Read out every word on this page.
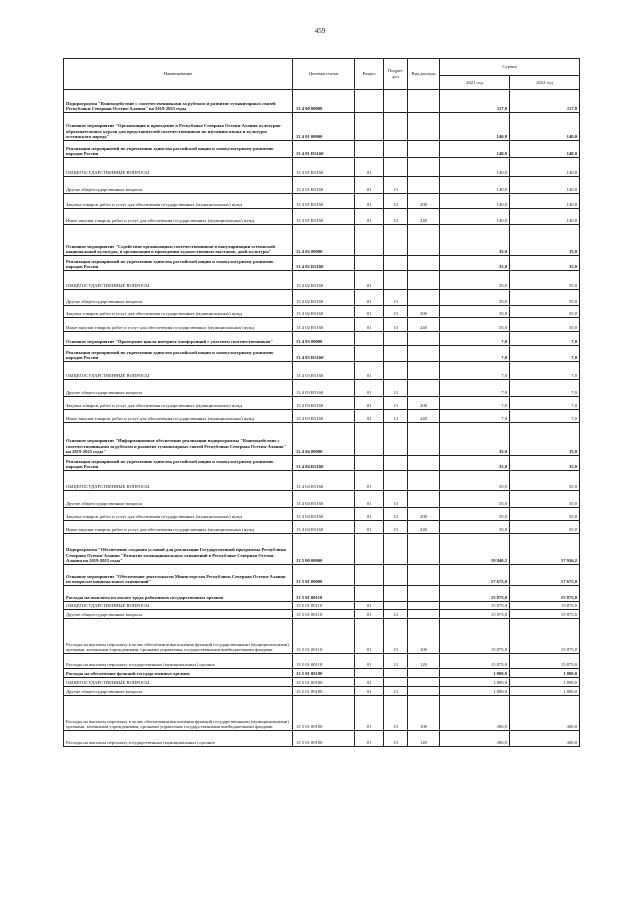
459
Наименование	Целевая статья	Раздел	Подраз-дел	Вид расхода	Суммы	
					2021 год	2022 год
Подпрограмма "Взаимодействие с соотечественниками за рубежом и развитие гуманитарных связей Республики Северная Осетия-Алания" на 2019-2025 годы	13 4 00 00000				117,0	117,0
Основное мероприятие "Организация и проведение в Республике Северная Осетия-Алания культурно-образовательных курсов для представителей соотечественников по изучению языка и культуры осетинского народа"	13 4 01 00000				140,0	140,0
Реализация мероприятий по укреплению единства российской нации и этнокультурному развитию народов России	13 4 01 R5160				140,0	140,0
ОБЩЕГОСУДАРСТВЕННЫЕ ВОПРОСЫ	13 4 01 R5160	01			140,0	140,0
Другие общегосударственные вопросы	13 4 01 R5160	01	13		140,0	140,0
Закупка товаров, работ и услуг для обеспечения государственных (муниципальных) нужд	13 4 01 R5160	01	13	200	140,0	140,0
Иные закупки товаров, работ и услуг для обеспечения государственных (муниципальных) нужд	13 4 01 R5160	01	13	240	140,0	140,0
Основное мероприятие "Содействие организациям соотечественников в популяризации осетинской национальной культуры, в организации и проведении художественных выставок, дней культуры"	13 4 02 00000				35,0	35,0
Реализация мероприятий по укреплению единства российской нации и этнокультурному развитию народов России	13 4 02 R5160				35,0	35,0
ОБЩЕГОСУДАРСТВЕННЫЕ ВОПРОСЫ	13 4 02 R5160	01			35,0	35,0
Другие общегосударственные вопросы	13 4 02 R5160	01	13		35,0	35,0
Закупка товаров, работ и услуг для обеспечения государственных (муниципальных) нужд	13 4 02 R5160	01	13	200	35,0	35,0
Иные закупки товаров, работ и услуг для обеспечения государственных (муниципальных) нужд	13 4 02 R5160	01	13	240	35,0	35,0
Основное мероприятие "Проведение цикла интернет-конференций с участием соотечественников"	13 4 03 00000				7,0	7,0
Реализация мероприятий по укреплению единства российской нации и этнокультурному развитию народов России	13 4 03 R5160				7,0	7,0
ОБЩЕГОСУДАРСТВЕННЫЕ ВОПРОСЫ	13 4 03 R5160	01			7,0	7,0
Другие общегосударственные вопросы	13 4 03 R5160	01	13		7,0	7,0
Закупка товаров, работ и услуг для обеспечения государственных (муниципальных) нужд	13 4 03 R5160	01	13	200	7,0	7,0
Иные закупки товаров, работ и услуг для обеспечения государственных (муниципальных) нужд	13 4 03 R5160	01	13	240	7,0	7,0
Основное мероприятие "Информационное обеспечение реализации подпрограммы "Взаимодействие с соотечественниками за рубежом и развитие гуманитарных связей Республики Северная Осетия-Алания" на 2019-2025 годы"	13 4 04 00000				35,0	35,0
Реализация мероприятий по укреплению единства российской нации и этнокультурному развитию народов России	13 4 04 R5160				35,0	35,0
ОБЩЕГОСУДАРСТВЕННЫЕ ВОПРОСЫ	13 4 04 R5160	01			35,0	35,0
Другие общегосударственные вопросы	13 4 04 R5160	01	13		35,0	35,0
Закупка товаров, работ и услуг для обеспечения государственных (муниципальных) нужд	13 4 04 R5160	01	13	200	35,0	35,0
Иные закупки товаров, работ и услуг для обеспечения государственных (муниципальных) нужд	13 4 04 R5160	01	13	240	35,0	35,0
Подпрограмма "Обеспечение создания условий для реализации Государственной программы Республики Северная Осетия-Алания "Развитие межнациональных отношений в Республике Северная Осетия-Алания на 2019-2025 годы"	13 5 00 00000				19 940,2	17 936,2
Основное мероприятие "Обеспечение деятельности Министерства Республики Северная Осетия-Алания по вопросам национальных отношений"	13 5 01 00000				17 675,0	17 675,0
Расходы на выплаты по оплате труда работников государственных органов	13 5 01 00110				15 875,0	15 875,0
ОБЩЕГОСУДАРСТВЕННЫЕ ВОПРОСЫ	13 5 01 00110	01			15 875,0	15 875,0
Другие общегосударственные вопросы	13 5 01 00110	01	13		15 875,0	15 875,0
Расходы на выплаты персоналу в целях обеспечения выполнения функций государственными (муниципальными) органами, казенными учреждениями, органами управления государственными внебюджетными фондами	13 5 01 00110	01	13	100	15 875,0	15 875,0
Расходы на выплаты персоналу государственных (муниципальных) органов	13 5 01 00110	01	13	120	15 875,0	15 875,0
Расходы на обеспечение функций государственных органов	13 5 01 00190				1 800,0	1 800,0
ОБЩЕГОСУДАРСТВЕННЫЕ ВОПРОСЫ	13 5 01 00190	01			1 800,0	1 800,0
Другие общегосударственные вопросы	13 5 01 00190	01	13		1 800,0	1 800,0
Расходы на выплаты персоналу в целях обеспечения выполнения функций государственными (муниципальными) органами, казенными учреждениями, органами управления государственными внебюджетными фондами	13 5 01 00190	01	13	100	300,0	300,0
Расходы на выплаты персоналу государственных (муниципальных) органов	13 5 01 00190	01	13	120	300,0	300,0
